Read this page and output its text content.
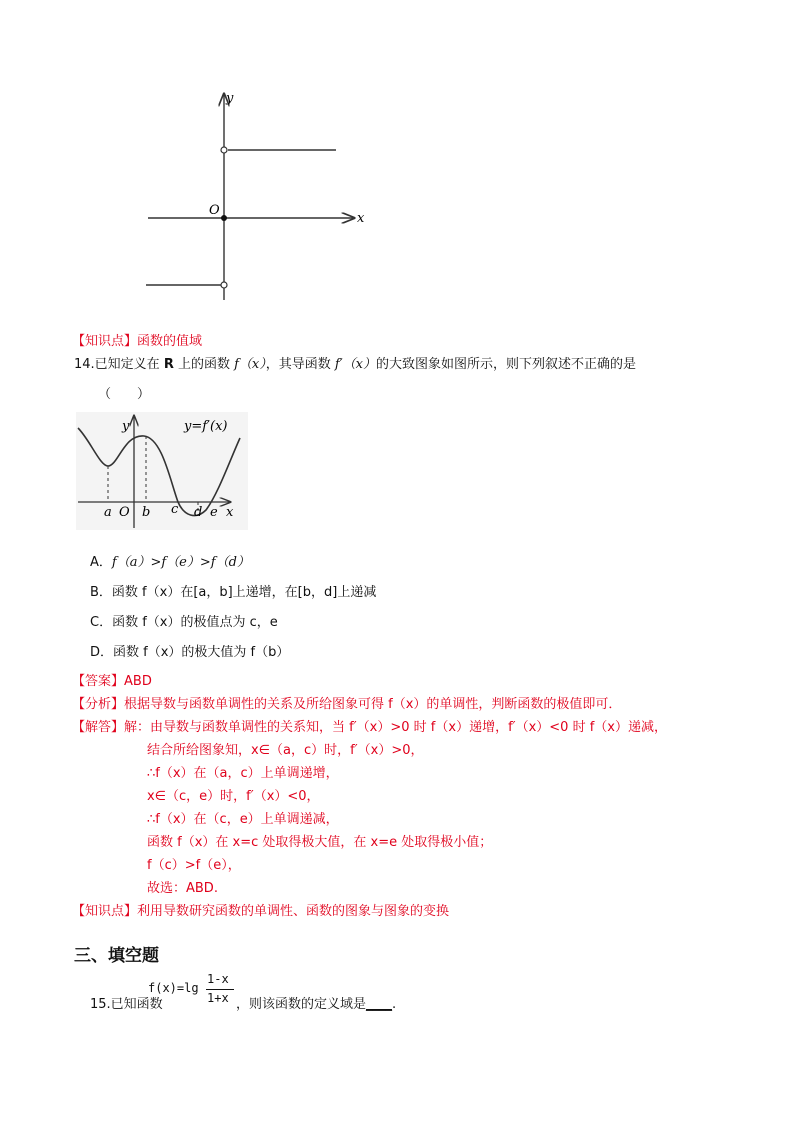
y
x
O
【知识点】函数的值域
14.已知定义在 R 上的函数 f（x），其导函数 f′（x）的大致图象如图所示，则下列叙述不正确的是
（　　）
y	y=f′(x)
a O b c d e x
A．f（a）>f（e）>f（d）
B．函数 f（x）在[a，b]上递增，在[b，d]上递减
C．函数 f（x）的极值点为 c，e
D．函数 f（x）的极大值为 f（b）
【答案】ABD
【分析】根据导数与函数单调性的关系及所给图象可得 f（x）的单调性，判断函数的极值即可．
【解答】解：由导数与函数单调性的关系知，当 f′（x）>0 时 f（x）递增，f′（x）<0 时 f（x）递减，
结合所给图象知，x∈（a，c）时，f′（x）>0，
∴f（x）在（a，c）上单调递增，
x∈（c，e）时，f′（x）<0，
∴f（x）在（c，e）上单调递减，
函数 f（x）在 x=c 处取得极大值，在 x=e 处取得极小值；
f（c）>f（e），
故选：ABD.
【知识点】利用导数研究函数的单调性、函数的图象与图象的变换
三、填空题
15.已知函数
f(x)=lg
1-x
1+x ，则该函数的定义域是____.
